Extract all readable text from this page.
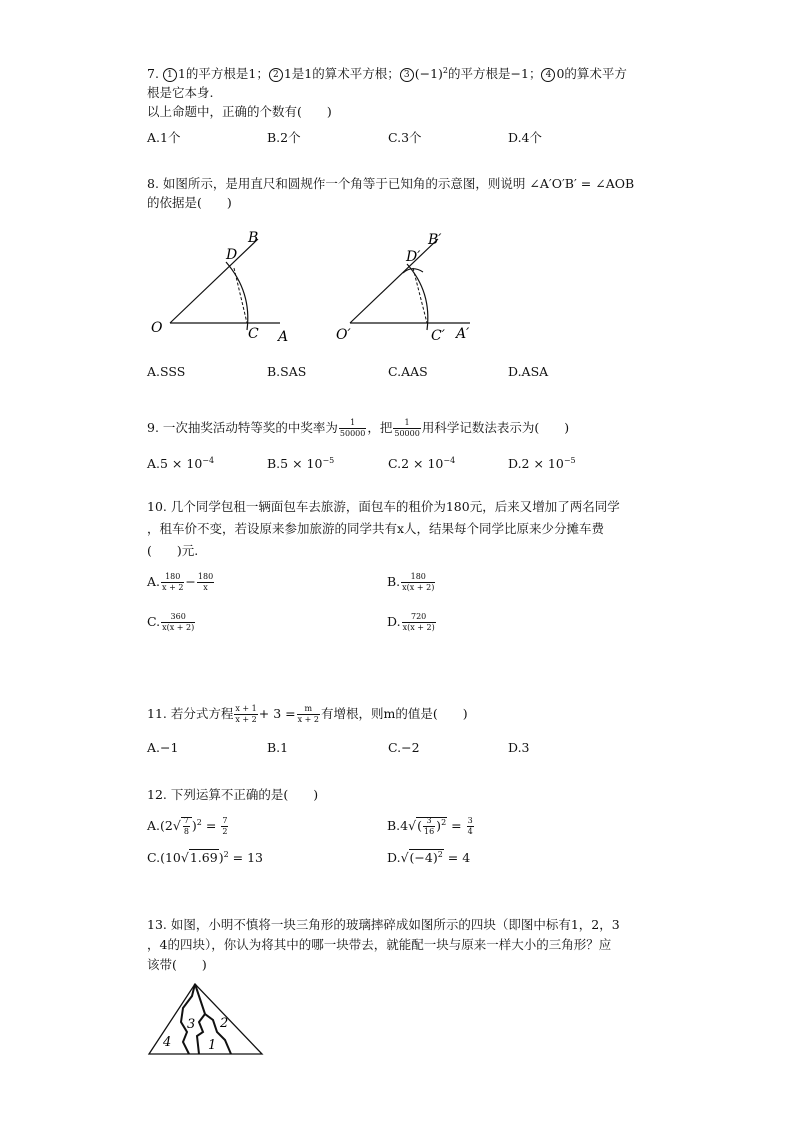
7. 1 1的平方根是1； 2 1是1的算术平方根； 3 $(-1)^2$的平方根是−1； 4 0的算术平方
根是它本身.
以上命题中，正确的个数有(　　)
A.1个	B.2个	C.3个	D.4个
8. 如图所示，是用直尺和圆规作一个角等于已知角的示意图，则说明 ∠A′O′B′ = ∠AOB
的依据是(　　)
B
D
O	C A
B′
D′
O′	C′ A′
A.SSS	B.SAS	C.AAS	D.ASA
9. 一次抽奖活动特等奖的中奖率为 $\frac{1}{50000}$ ，把 $\frac{1}{50000}$ 用科学记数法表示为(　　)
$A.5 \times 10^{-4}$	$B.5 \times 10^{-5}$	$C.2 \times 10^{-4}$	$D.2 \times 10^{-5}$
10. 几个同学包租一辆面包车去旅游，面包车的租价为180元，后来又增加了两名同学
，租车价不变，若设原来参加旅游的同学共有x人，结果每个同学比原来少分摊车费
(　　)元.
A. $\frac{180}{x + 2} - \frac{180}{x}$	B. $\frac{180}{x(x + 2)}$
C. $\frac{360}{x(x + 2)}$	D. $\frac{720}{x(x + 2)}$
11. 若分式方程 $\frac{x + 1}{x + 2} + 3 = \frac{m}{x + 2}$ 有增根，则m的值是(　　)
A.−1	B.1	C.−2	D.3
12. 下列运算不正确的是(　　)
$A.(2√ \frac{7}{8} )^2 = \frac{7}{2}$	$B.4√( \frac{3}{16} )^2 = \frac{3}{4}$
$C.(10√1.69)^2 = 13$	$D.√(-4)^2 = 4$
13. 如图，小明不慎将一块三角形的玻璃摔碎成如图所示的四块（即图中标有1，2，3
，4的四块），你认为将其中的哪一块带去，就能配一块与原来一样大小的三角形？应
该带(　　)
1
2
3
4
